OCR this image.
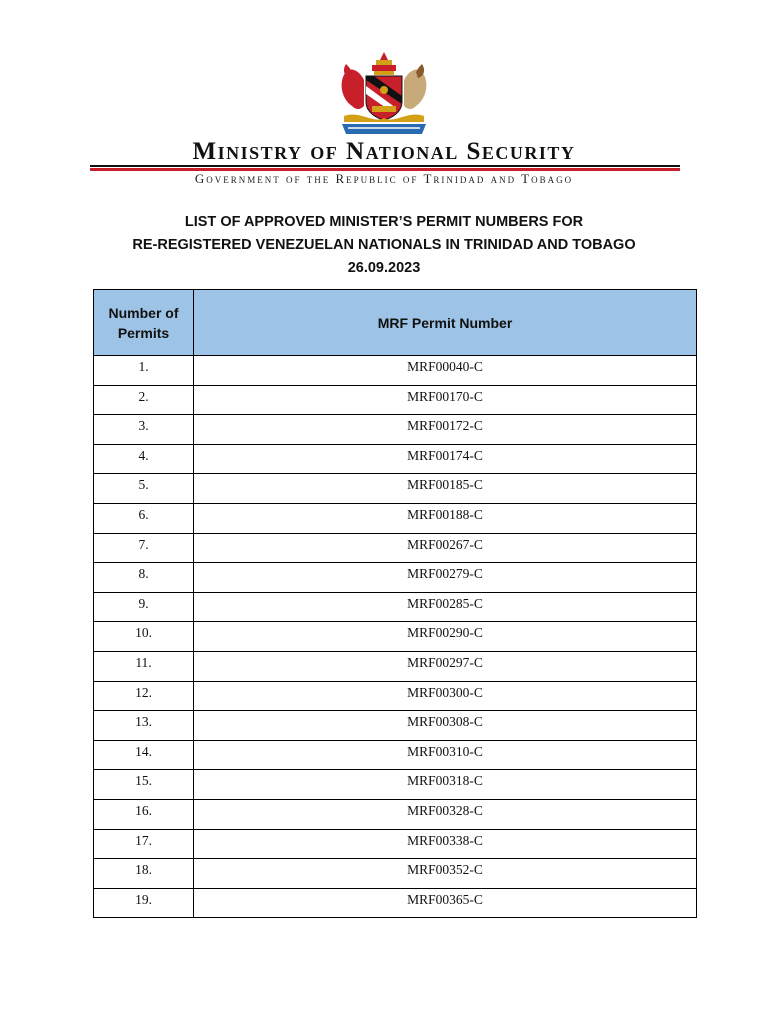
Ministry of National Security
Government of the Republic of Trinidad and Tobago
LIST OF APPROVED MINISTER’S PERMIT NUMBERS FOR
RE-REGISTERED VENEZUELAN NATIONALS IN TRINIDAD AND TOBAGO
26.09.2023
Number of Permits	MRF Permit Number
1.	MRF00040-C
2.	MRF00170-C
3.	MRF00172-C
4.	MRF00174-C
5.	MRF00185-C
6.	MRF00188-C
7.	MRF00267-C
8.	MRF00279-C
9.	MRF00285-C
10.	MRF00290-C
11.	MRF00297-C
12.	MRF00300-C
13.	MRF00308-C
14.	MRF00310-C
15.	MRF00318-C
16.	MRF00328-C
17.	MRF00338-C
18.	MRF00352-C
19.	MRF00365-C
